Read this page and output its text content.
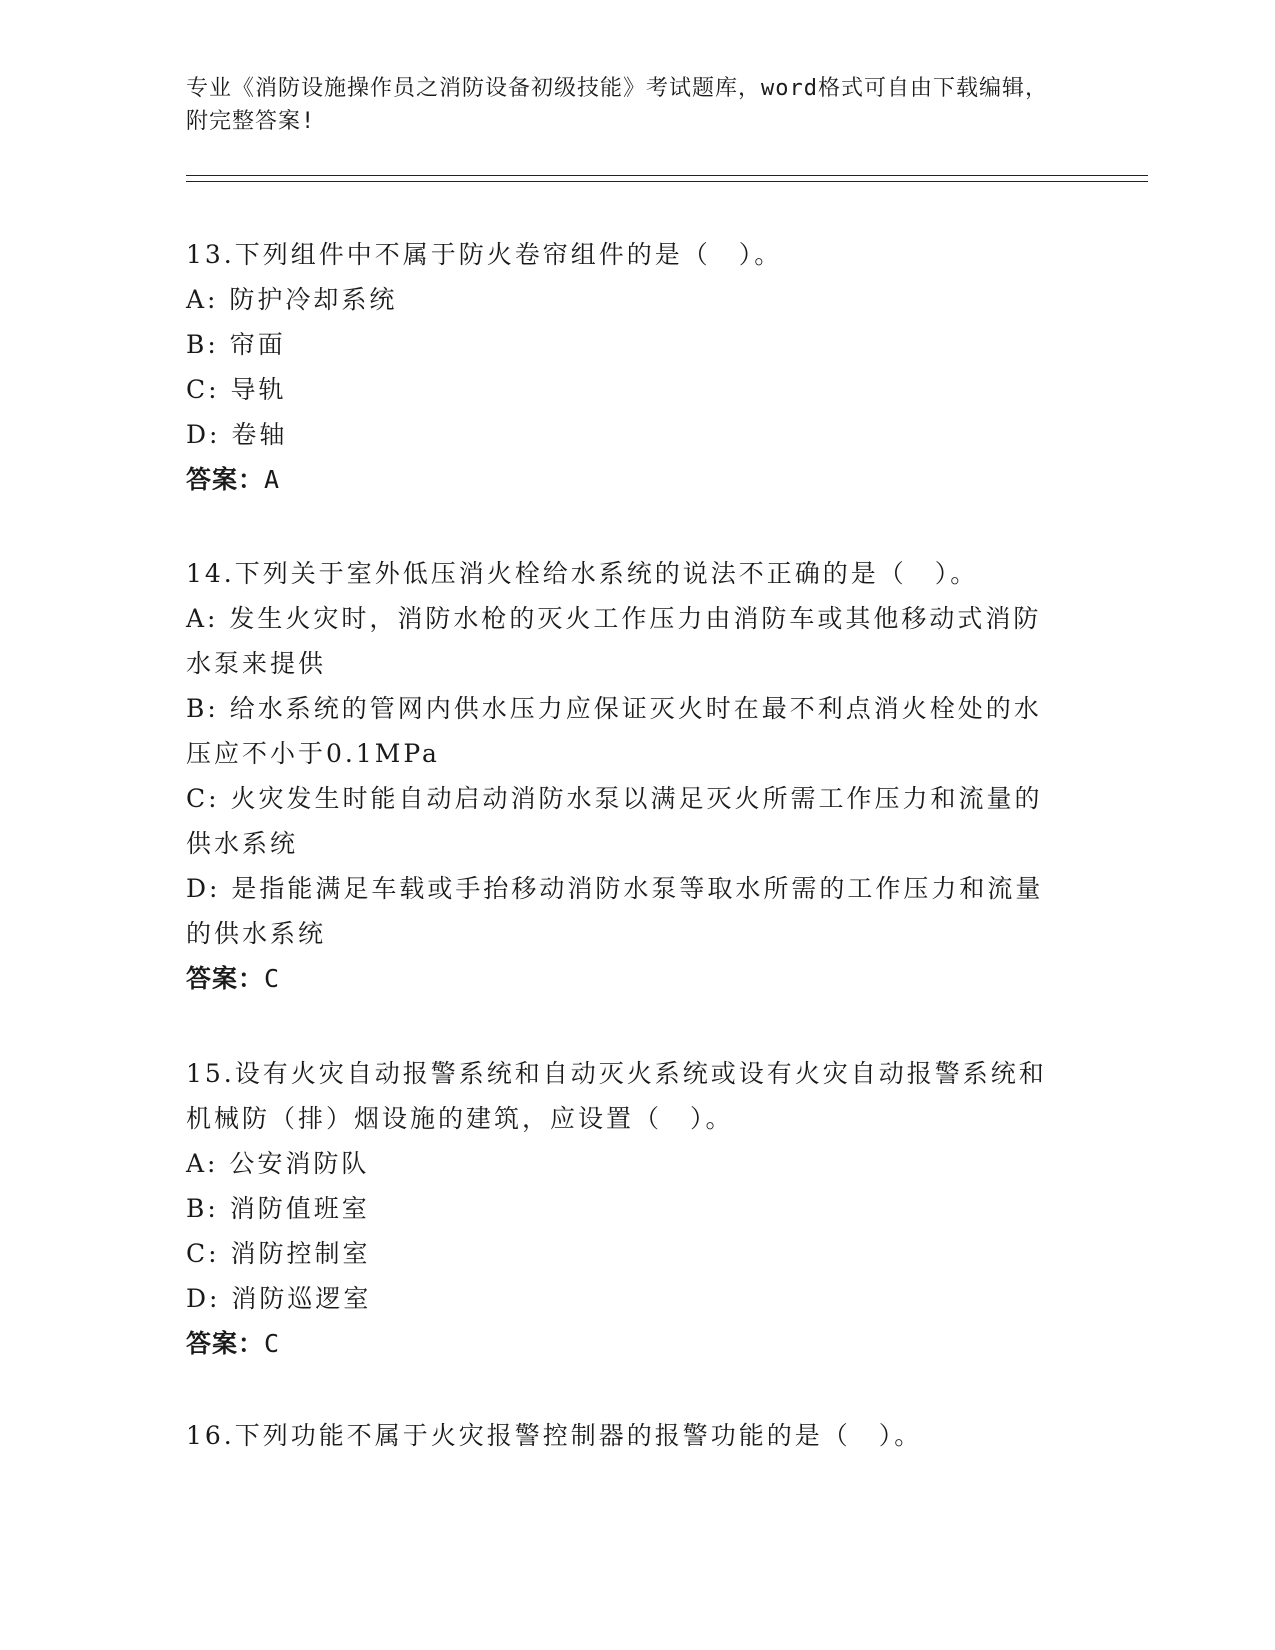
专业《消防设施操作员之消防设备初级技能》考试题库，word格式可自由下载编辑，附完整答案!
13.下列组件中不属于防火卷帘组件的是（　）。
A: 防护冷却系统
B: 帘面
C: 导轨
D: 卷轴
答案：A
14.下列关于室外低压消火栓给水系统的说法不正确的是（　）。
A: 发生火灾时，消防水枪的灭火工作压力由消防车或其他移动式消防水泵来提供
B: 给水系统的管网内供水压力应保证灭火时在最不利点消火栓处的水压应不小于0.1MPa
C: 火灾发生时能自动启动消防水泵以满足灭火所需工作压力和流量的供水系统
D: 是指能满足车载或手抬移动消防水泵等取水所需的工作压力和流量的供水系统
答案：C
15.设有火灾自动报警系统和自动灭火系统或设有火灾自动报警系统和机械防（排）烟设施的建筑，应设置（　）。
A: 公安消防队
B: 消防值班室
C: 消防控制室
D: 消防巡逻室
答案：C
16.下列功能不属于火灾报警控制器的报警功能的是（　）。
